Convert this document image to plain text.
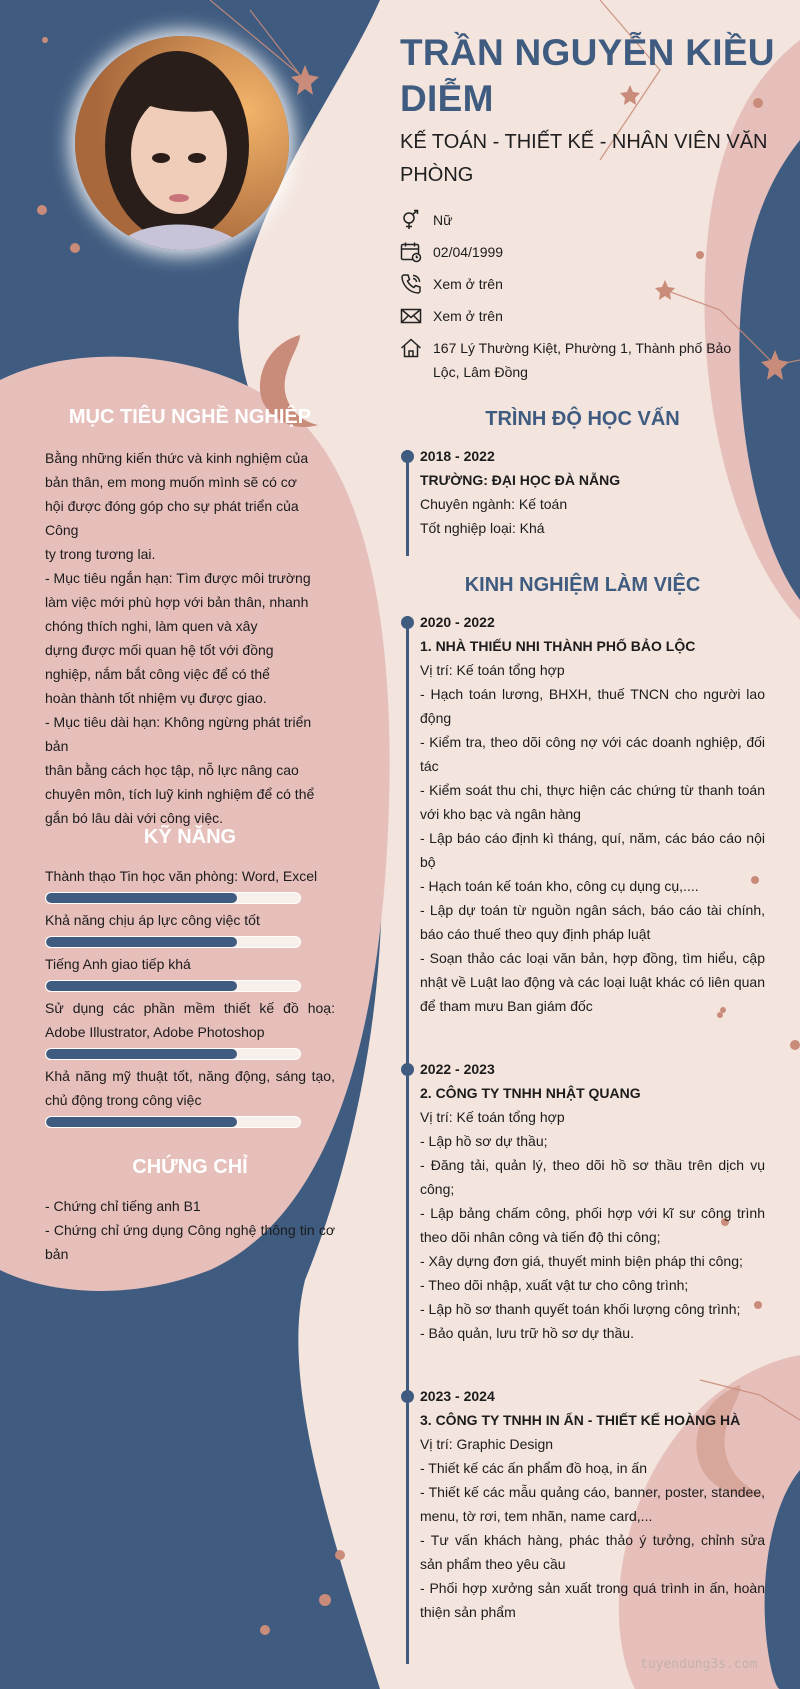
TRẦN NGUYỄN KIỀU DIỄM
KẾ TOÁN - THIẾT KẾ - NHÂN VIÊN VĂN PHÒNG
Nữ
02/04/1999
Xem ở trên
Xem ở trên
167 Lý Thường Kiệt, Phường 1, Thành phố Bảo Lộc, Lâm Đồng
MỤC TIÊU NGHỀ NGHIỆP
Bằng những kiến thức và kinh nghiệm của
bản thân, em mong muốn mình sẽ có cơ
hội được đóng góp cho sự phát triển của Công
ty trong tương lai.
- Mục tiêu ngắn hạn: Tìm được môi trường
làm việc mới phù hợp với bản thân, nhanh
chóng thích nghi, làm quen và xây
dựng được mối quan hệ tốt với đồng
nghiệp, nắm bắt công việc để có thể
hoàn thành tốt nhiệm vụ được giao.
- Mục tiêu dài hạn: Không ngừng phát triển bản
thân bằng cách học tập, nỗ lực nâng cao
chuyên môn, tích luỹ kinh nghiệm để có thể
gắn bó lâu dài với công việc.
KỸ NĂNG
Thành thạo Tin học văn phòng: Word, Excel
Khả năng chịu áp lực công việc tốt
Tiếng Anh giao tiếp khá
Sử dụng các phần mềm thiết kế đồ hoạ: Adobe Illustrator, Adobe Photoshop
Khả năng mỹ thuật tốt, năng động, sáng tạo, chủ động trong công việc
CHỨNG CHỈ
- Chứng chỉ tiếng anh B1
- Chứng chỉ ứng dụng Công nghệ thông tin cơ bản
TRÌNH ĐỘ HỌC VẤN
2018 - 2022
TRƯỜNG: ĐẠI HỌC ĐÀ NẴNG
Chuyên ngành: Kế toán
Tốt nghiệp loại: Khá
KINH NGHIỆM LÀM VIỆC
2020 - 2022
1. NHÀ THIẾU NHI THÀNH PHỐ BẢO LỘC
Vị trí: Kế toán tổng hợp
- Hạch toán lương, BHXH, thuế TNCN cho người lao động
- Kiểm tra, theo dõi công nợ với các doanh nghiệp, đối tác
- Kiểm soát thu chi, thực hiện các chứng từ thanh toán với kho bạc và ngân hàng
- Lập báo cáo định kì tháng, quí, năm, các báo cáo nội bộ
- Hạch toán kế toán kho, công cụ dụng cụ,....
- Lập dự toán từ nguồn ngân sách, báo cáo tài chính, báo cáo thuế theo quy định pháp luật
- Soạn thảo các loại văn bản, hợp đồng, tìm hiểu, cập nhật về Luật lao động và các loại luật khác có liên quan để tham mưu Ban giám đốc
2022 - 2023
2. CÔNG TY TNHH NHẬT QUANG
Vị trí: Kế toán tổng hợp
- Lập hồ sơ dự thầu;
- Đăng tải, quản lý, theo dõi hồ sơ thầu trên dịch vụ công;
- Lập bảng chấm công, phối hợp với kĩ sư công trình theo dõi nhân công và tiến độ thi công;
- Xây dựng đơn giá, thuyết minh biện pháp thi công;
- Theo dõi nhập, xuất vật tư cho công trình;
- Lập hồ sơ thanh quyết toán khối lượng công trình;
- Bảo quản, lưu trữ hồ sơ dự thầu.
2023 - 2024
3. CÔNG TY TNHH IN ẤN - THIẾT KẾ HOÀNG HÀ
Vị trí: Graphic Design
- Thiết kế các ấn phẩm đồ hoạ, in ấn
- Thiết kế các mẫu quảng cáo, banner, poster, standee, menu, tờ rơi, tem nhãn, name card,...
- Tư vấn khách hàng, phác thảo ý tưởng, chỉnh sửa sản phẩm theo yêu cầu
- Phối hợp xưởng sản xuất trong quá trình in ấn, hoàn thiện sản phẩm
tuyendung3s.com
